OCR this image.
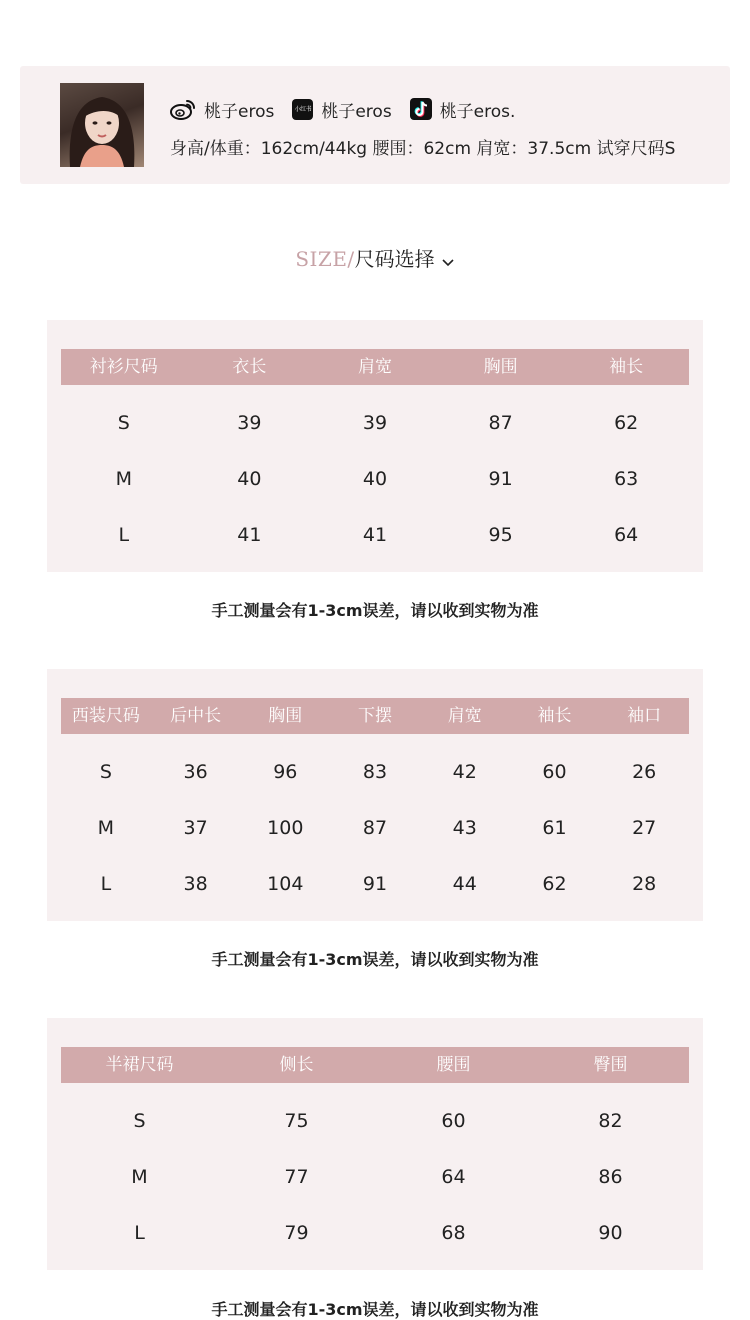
桃子eros	小红书 桃子eros	桃子eros.
身高/体重：162cm/44kg 腰围：62cm 肩宽：37.5cm 试穿尺码S
SIZE/尺码选择
衬衫尺码	衣长	肩宽	胸围	袖长
S	39	39	87	62
M	40	40	91	63
L	41	41	95	64
手工测量会有1-3cm误差，请以收到实物为准
西装尺码	后中长	胸围	下摆	肩宽	袖长	袖口
S	36	96	83	42	60	26
M	37	100	87	43	61	27
L	38	104	91	44	62	28
手工测量会有1-3cm误差，请以收到实物为准
半裙尺码	侧长	腰围	臀围
S	75	60	82
M	77	64	86
L	79	68	90
手工测量会有1-3cm误差，请以收到实物为准
